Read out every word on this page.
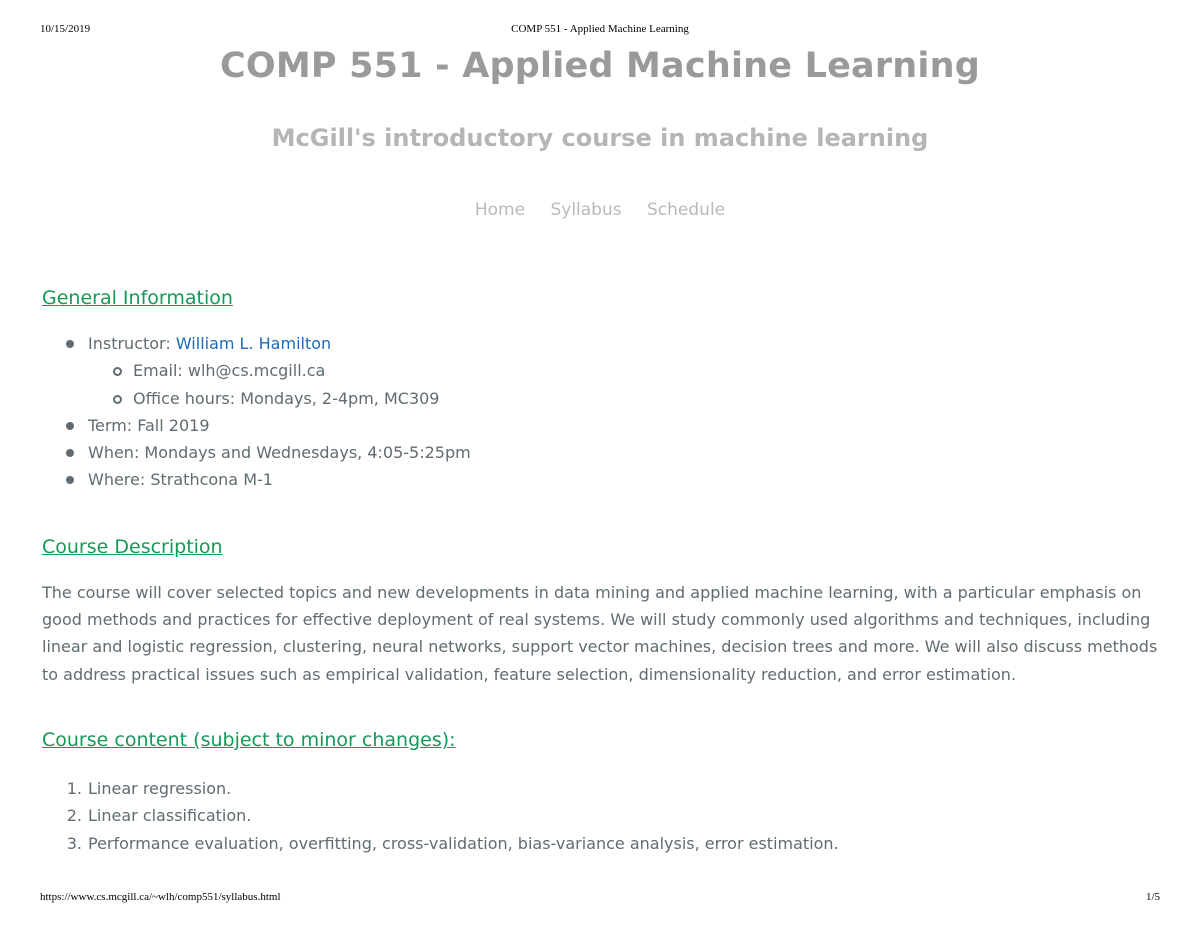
10/15/2019	COMP 551 - Applied Machine Learning
COMP 551 - Applied Machine Learning
McGill's introductory course in machine learning
Home Syllabus Schedule
General Information
Instructor: William L. Hamilton
Email: wlh@cs.mcgill.ca
Office hours: Mondays, 2-4pm, MC309
Term: Fall 2019
When: Mondays and Wednesdays, 4:05-5:25pm
Where: Strathcona M-1
Course Description

The course will cover selected topics and new developments in data mining and applied machine learning, with a particular emphasis on good methods and practices for effective deployment of real systems. We will study commonly used algorithms and techniques, including linear and logistic regression, clustering, neural networks, support vector machines, decision trees and more. We will also discuss methods to address practical issues such as empirical validation, feature selection, dimensionality reduction, and error estimation.

Course content (subject to minor changes):
1. Linear regression.
2. Linear classification.
3. Performance evaluation, overfitting, cross-validation, bias-variance analysis, error estimation.
https://www.cs.mcgill.ca/~wlh/comp551/syllabus.html	1/5
